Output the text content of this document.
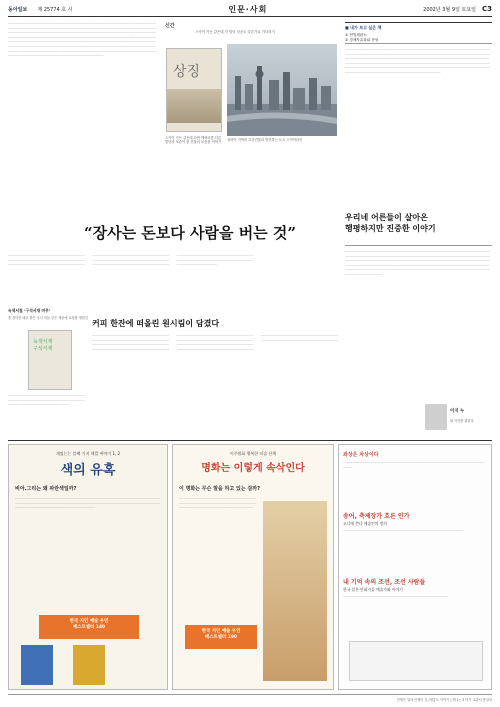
동아일보 제 25774 호 시	인문·사회	2002년 3월 9일 토요일 C3
ㅡㅡㅡㅡㅡㅡㅡㅡㅡㅡㅡㅡㅡㅡㅡㅡㅡㅡㅡㅡㅡㅡㅡㅡㅡㅡㅡㅡㅡㅡㅡㅡㅡㅡㅡㅡㅡㅡㅡㅡㅡㅡㅡㅡㅡㅡㅡㅡㅡㅡㅡㅡㅡㅡㅡㅡㅡㅡㅡㅡㅡㅡㅡㅡㅡㅡㅡㅡㅡㅡㅡㅡㅡㅡㅡㅡㅡㅡㅡㅡㅡㅡㅡㅡㅡㅡㅡㅡㅡㅡㅡㅡㅡㅡㅡㅡㅡㅡㅡㅡㅡㅡㅡㅡㅡㅡㅡㅡㅡㅡㅡㅡㅡㅡㅡㅡㅡㅡㅡㅡㅡㅡㅡㅡㅡㅡㅡㅡㅡㅡㅡㅡㅡㅡㅡㅡㅡㅡㅡㅡㅡㅡㅡㅡㅡㅡㅡㅡㅡㅡㅡㅡㅡㅡㅡㅡㅡㅡㅡㅡㅡㅡㅡㅡㅡㅡㅡㅡㅡㅡㅡㅡㅡㅡㅡㅡㅡㅡㅡㅡㅡㅡㅡㅡㅡㅡㅡㅡㅡㅡㅡㅡㅡㅡㅡㅡㅡㅡㅡㅡㅡㅡㅡㅡㅡㅡㅡㅡㅡㅡㅡㅡㅡㅡㅡㅡㅡㅡㅡㅡㅡㅡㅡㅡㅡㅡㅡㅡㅡㅡㅡㅡㅡㅡㅡㅡㅡㅡㅡㅡㅡㅡㅡㅡㅡㅡㅡㅡㅡㅡㅡㅡㅡㅡㅡㅡㅡㅡㅡㅡㅡㅡㅡㅡㅡㅡㅡㅡㅡㅡㅡㅡㅡㅡㅡㅡㅡㅡㅡㅡㅡㅡㅡㅡㅡㅡㅡㅡㅡㅡㅡㅡㅡㅡㅡㅡㅡㅡㅡㅡㅡㅡㅡㅡㅡㅡㅡㅡㅡㅡㅡㅡㅡㅡㅡㅡㅡㅡㅡㅡㅡㅡㅡㅡㅡㅡㅡㅡㅡㅡㅡㅡㅡㅡㅡㅡㅡㅡㅡㅡㅡㅡㅡㅡㅡㅡㅡㅡㅡㅡㅡㅡㅡㅡㅡㅡㅡㅡㅡㅡㅡㅡㅡㅡㅡㅡㅡ
신간
스카이 가든 같은데 각 빌딩 상공도 다른가요 기다리기
상징
스카이 가든 같은데 다만 캐릭터를 다른 빌딩의 모습이 잘 건물의 모습을 이야기
상하이 지역의 고층건물과 발전하는 도시 스카이라인
■ 내가 보고 싶은 책
① 헌법재판소
② 경제자유화와 찬성
ㅡㅡㅡㅡㅡㅡㅡㅡㅡㅡㅡㅡㅡㅡㅡㅡㅡㅡㅡㅡㅡㅡㅡㅡㅡㅡㅡㅡㅡㅡㅡㅡㅡㅡㅡㅡㅡㅡㅡㅡㅡㅡㅡㅡㅡㅡㅡㅡㅡㅡㅡㅡㅡㅡㅡㅡㅡㅡㅡㅡㅡㅡㅡㅡㅡㅡㅡㅡㅡㅡㅡㅡㅡㅡㅡㅡㅡㅡㅡㅡㅡㅡㅡㅡㅡㅡㅡㅡㅡㅡㅡㅡㅡㅡㅡㅡㅡㅡㅡㅡㅡㅡㅡㅡㅡㅡㅡㅡㅡㅡㅡㅡㅡㅡㅡㅡㅡㅡㅡㅡㅡㅡㅡㅡㅡㅡㅡㅡㅡㅡㅡㅡㅡㅡㅡㅡㅡㅡㅡㅡㅡㅡㅡㅡㅡㅡㅡㅡㅡㅡㅡㅡㅡㅡㅡㅡㅡㅡㅡㅡㅡㅡㅡㅡㅡㅡㅡㅡㅡㅡㅡㅡㅡㅡㅡㅡㅡㅡㅡㅡㅡㅡㅡㅡㅡㅡㅡㅡㅡㅡㅡㅡㅡㅡㅡㅡㅡㅡㅡㅡㅡㅡㅡㅡㅡㅡㅡㅡㅡㅡㅡㅡㅡㅡㅡㅡㅡㅡㅡㅡㅡㅡㅡㅡㅡㅡㅡㅡㅡㅡㅡㅡㅡㅡㅡㅡㅡㅡㅡㅡㅡㅡㅡㅡㅡㅡㅡㅡㅡㅡㅡㅡㅡㅡㅡㅡㅡㅡㅡㅡㅡㅡㅡㅡㅡㅡ
“장사는 돈보다 사람을 버는 것”
우리네 어른들이 살아온
행평하지만 진중한 이야기
ㅡㅡㅡㅡㅡㅡㅡㅡㅡㅡㅡㅡㅡㅡㅡㅡㅡㅡㅡㅡㅡㅡㅡㅡㅡㅡㅡㅡㅡㅡㅡㅡㅡㅡㅡㅡㅡㅡㅡㅡㅡㅡㅡㅡㅡㅡㅡㅡㅡㅡㅡㅡㅡㅡㅡㅡㅡㅡㅡㅡㅡㅡㅡㅡㅡㅡㅡㅡㅡㅡㅡㅡㅡㅡㅡㅡㅡㅡㅡㅡㅡㅡㅡㅡㅡㅡㅡㅡㅡㅡㅡㅡㅡㅡㅡㅡㅡㅡㅡㅡㅡㅡㅡㅡㅡㅡㅡㅡㅡㅡㅡㅡㅡㅡㅡㅡㅡㅡㅡㅡㅡㅡㅡㅡㅡㅡㅡㅡㅡㅡㅡㅡㅡㅡㅡㅡㅡㅡㅡㅡㅡㅡㅡㅡㅡㅡㅡㅡㅡㅡㅡㅡㅡㅡㅡㅡㅡㅡㅡㅡㅡㅡㅡㅡㅡㅡㅡㅡㅡㅡㅡㅡㅡㅡㅡㅡㅡㅡㅡㅡㅡㅡㅡㅡㅡㅡㅡㅡㅡㅡㅡㅡㅡㅡㅡㅡㅡㅡㅡㅡㅡㅡㅡㅡㅡㅡㅡㅡㅡㅡㅡㅡㅡ
녹색서점 ‘구석서재 머무’
풍 경이만 매우 밝은 무늬 어둠 같은 세상에 요청합 영원일
녹색서재
구석서재
커피 한잔에 떠올린 원시림이 담겼다
ㅡㅡㅡㅡㅡㅡㅡㅡㅡㅡㅡㅡㅡㅡㅡㅡㅡㅡㅡㅡㅡㅡㅡㅡㅡㅡㅡㅡㅡㅡㅡㅡㅡㅡㅡㅡㅡㅡㅡㅡㅡㅡㅡㅡㅡㅡㅡㅡㅡㅡㅡㅡㅡㅡㅡㅡㅡㅡㅡㅡㅡㅡㅡㅡㅡㅡㅡㅡㅡㅡㅡㅡㅡㅡㅡㅡㅡㅡㅡㅡㅡㅡㅡㅡㅡㅡㅡㅡㅡㅡㅡㅡㅡㅡㅡㅡㅡㅡㅡㅡㅡㅡㅡㅡㅡㅡㅡㅡㅡㅡㅡㅡㅡㅡㅡㅡㅡㅡㅡㅡㅡㅡㅡㅡㅡㅡㅡㅡㅡㅡㅡㅡㅡㅡㅡㅡㅡㅡㅡㅡㅡㅡㅡㅡㅡㅡㅡㅡㅡㅡㅡㅡㅡㅡㅡㅡㅡㅡㅡㅡㅡㅡㅡㅡㅡㅡㅡㅡㅡㅡㅡㅡㅡㅡㅡㅡㅡㅡㅡㅡㅡㅡㅡㅡㅡㅡㅡㅡㅡㅡㅡㅡㅡㅡㅡㅡㅡㅡㅡㅡㅡㅡㅡㅡㅡㅡㅡㅡㅡㅡㅡㅡㅡㅡㅡㅡㅡㅡㅡㅡㅡㅡㅡㅡㅡㅡㅡㅡㅡㅡㅡㅡㅡㅡㅡㅡㅡㅡㅡㅡㅡㅡㅡㅡㅡㅡㅡㅡㅡㅡ
ㅡㅡㅡㅡㅡㅡㅡㅡㅡㅡㅡㅡㅡㅡㅡㅡㅡㅡㅡㅡㅡㅡㅡㅡㅡㅡㅡㅡㅡㅡㅡㅡㅡㅡㅡㅡㅡㅡㅡㅡㅡㅡㅡㅡㅡㅡㅡㅡㅡㅡㅡㅡㅡㅡㅡㅡㅡㅡㅡㅡㅡㅡㅡㅡㅡㅡㅡㅡㅡㅡ
ㅡㅡㅡㅡㅡㅡㅡㅡㅡㅡㅡㅡㅡㅡㅡㅡㅡㅡㅡㅡㅡㅡㅡㅡㅡㅡㅡㅡㅡㅡㅡㅡㅡㅡㅡㅡㅡㅡㅡㅡㅡㅡㅡㅡㅡㅡㅡㅡㅡㅡㅡㅡㅡㅡㅡㅡㅡㅡㅡㅡㅡㅡㅡㅡㅡㅡㅡㅡㅡㅡㅡㅡㅡㅡㅡㅡㅡㅡㅡㅡㅡㅡㅡㅡㅡㅡㅡㅡㅡㅡㅡㅡㅡㅡㅡㅡㅡㅡㅡㅡㅡㅡㅡㅡㅡㅡㅡㅡㅡㅡㅡㅡㅡㅡㅡㅡㅡㅡㅡㅡㅡㅡㅡㅡㅡㅡㅡㅡㅡㅡㅡㅡㅡㅡㅡㅡㅡㅡㅡㅡㅡㅡㅡㅡㅡㅡㅡㅡㅡㅡㅡㅡㅡㅡㅡㅡㅡㅡㅡㅡㅡㅡㅡㅡㅡㅡㅡㅡㅡㅡㅡㅡㅡㅡㅡㅡㅡㅡㅡㅡㅡㅡㅡㅡㅡㅡㅡㅡㅡㅡㅡㅡㅡㅡㅡㅡㅡㅡㅡㅡㅡㅡㅡㅡㅡㅡㅡㅡㅡㅡㅡㅡㅡㅡㅡㅡㅡㅡㅡㅡㅡㅡㅡㅡㅡㅡㅡㅡㅡㅡㅡㅡㅡㅡㅡㅡㅡㅡㅡㅡㅡㅡㅡㅡㅡㅡㅡ
이지 누
와 기자를 위한다
재밌는는 블랙 기지 색깔 여야기 1, 2
색의 유혹
비아.그리는 왜 파란색일까?
ㅡㅡㅡㅡㅡㅡㅡㅡㅡㅡㅡㅡㅡㅡㅡㅡㅡㅡㅡㅡㅡㅡㅡㅡㅡㅡㅡㅡㅡㅡㅡㅡㅡㅡㅡㅡㅡㅡㅡㅡㅡㅡㅡㅡㅡㅡㅡㅡㅡㅡㅡㅡㅡㅡㅡㅡㅡㅡㅡㅡㅡㅡㅡㅡㅡㅡㅡㅡㅡㅡㅡㅡㅡㅡㅡㅡㅡㅡㅡㅡㅡㅡㅡㅡㅡㅡㅡㅡㅡㅡㅡㅡㅡㅡㅡㅡㅡㅡㅡㅡㅡㅡㅡㅡㅡㅡㅡㅡㅡㅡㅡㅡㅡㅡㅡㅡㅡㅡㅡㅡ
한국 지인 예술 우연
베스트셀러 140
이주원화 행복한 미술 산책
명화는 이렇게 속삭인다
이 명화는 무슨 말을 하고 있는 걸까?
ㅡㅡㅡㅡㅡㅡㅡㅡㅡㅡㅡㅡㅡㅡㅡㅡㅡㅡㅡㅡㅡㅡㅡㅡㅡㅡㅡㅡㅡㅡㅡㅡㅡㅡㅡㅡㅡㅡㅡㅡㅡㅡㅡㅡㅡㅡㅡㅡㅡㅡㅡㅡㅡㅡㅡㅡㅡㅡㅡㅡㅡㅡㅡㅡㅡㅡㅡㅡㅡㅡㅡㅡㅡㅡ
한국 지인 예술 우연
베스트셀러 190
좌상은 차상이다
ㅡㅡㅡㅡㅡㅡㅡㅡㅡㅡㅡㅡㅡㅡㅡㅡㅡㅡㅡㅡㅡㅡㅡㅡㅡㅡㅡㅡㅡㅡㅡㅡㅡㅡㅡㅡㅡㅡㅡㅡㅡㅡㅡㅡㅡㅡㅡㅡㅡ
송어, 축제장가 흐른 인가
오디에 쓴다 예술인의 정의
ㅡㅡㅡㅡㅡㅡㅡㅡㅡㅡㅡㅡㅡㅡㅡㅡㅡㅡㅡㅡㅡㅡㅡㅡㅡㅡㅡㅡㅡㅡㅡㅡㅡㅡㅡㅡㅡㅡㅡ
내 기억 속의 조선, 조선 사람들
한국 일본 만화가들 예술가와 이야기
ㅡㅡㅡㅡㅡㅡㅡㅡㅡㅡㅡㅡㅡㅡㅡㅡㅡㅡㅡㅡㅡㅡㅡㅡㅡㅡㅡㅡㅡㅡㅡㅡㅡㅡ
인생은 얼마 인생의 길 (영흥도 이야기 ) 제 1~ 3 미기 교과서 통일성
